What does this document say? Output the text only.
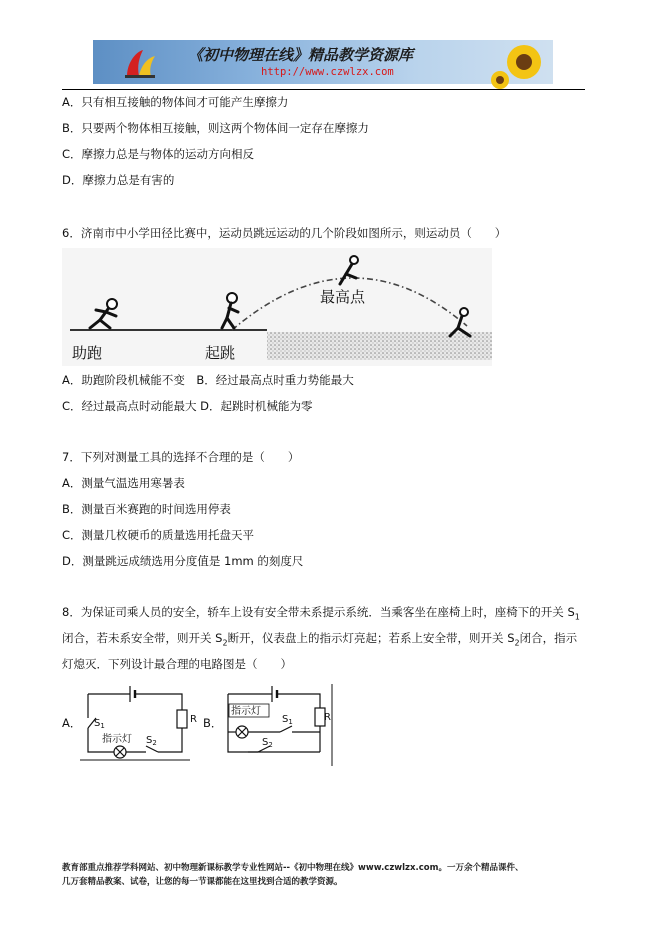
《初中物理在线》精品教学资源库
http://www.czwlzx.com
A．只有相互接触的物体间才可能产生摩擦力
B．只要两个物体相互接触，则这两个物体间一定存在摩擦力
C．摩擦力总是与物体的运动方向相反
D．摩擦力总是有害的
6．济南市中小学田径比赛中，运动员跳远运动的几个阶段如图所示，则运动员（　　）
助跑	起跳
最高点
A．助跑阶段机械能不变　B．经过最高点时重力势能最大
C．经过最高点时动能最大 D．起跳时机械能为零
7．下列对测量工具的选择不合理的是（　　）
A．测量气温选用寒暑表
B．测量百米赛跑的时间选用停表
C．测量几枚硬币的质量选用托盘天平
D．测量跳远成绩选用分度值是 1mm 的刻度尺
8．为保证司乘人员的安全，轿车上设有安全带未系提示系统．当乘客坐在座椅上时，座椅下的开关 $S_1$
闭合，若未系安全带，则开关 $S_2$断开，仪表盘上的指示灯亮起；若系上安全带，则开关 $S_2$闭合，指示
灯熄灭．下列设计最合理的电路图是（　　）
A． $S_1$
$S_2$
指示灯
R B．
指示灯
$S_1$
$S_2$
R
教育部重点推荐学科网站、初中物理新课标教学专业性网站--《初中物理在线》www.czwlzx.com。一万余个精品课件、
几万套精品教案、试卷，让您的每一节课都能在这里找到合适的教学资源。
